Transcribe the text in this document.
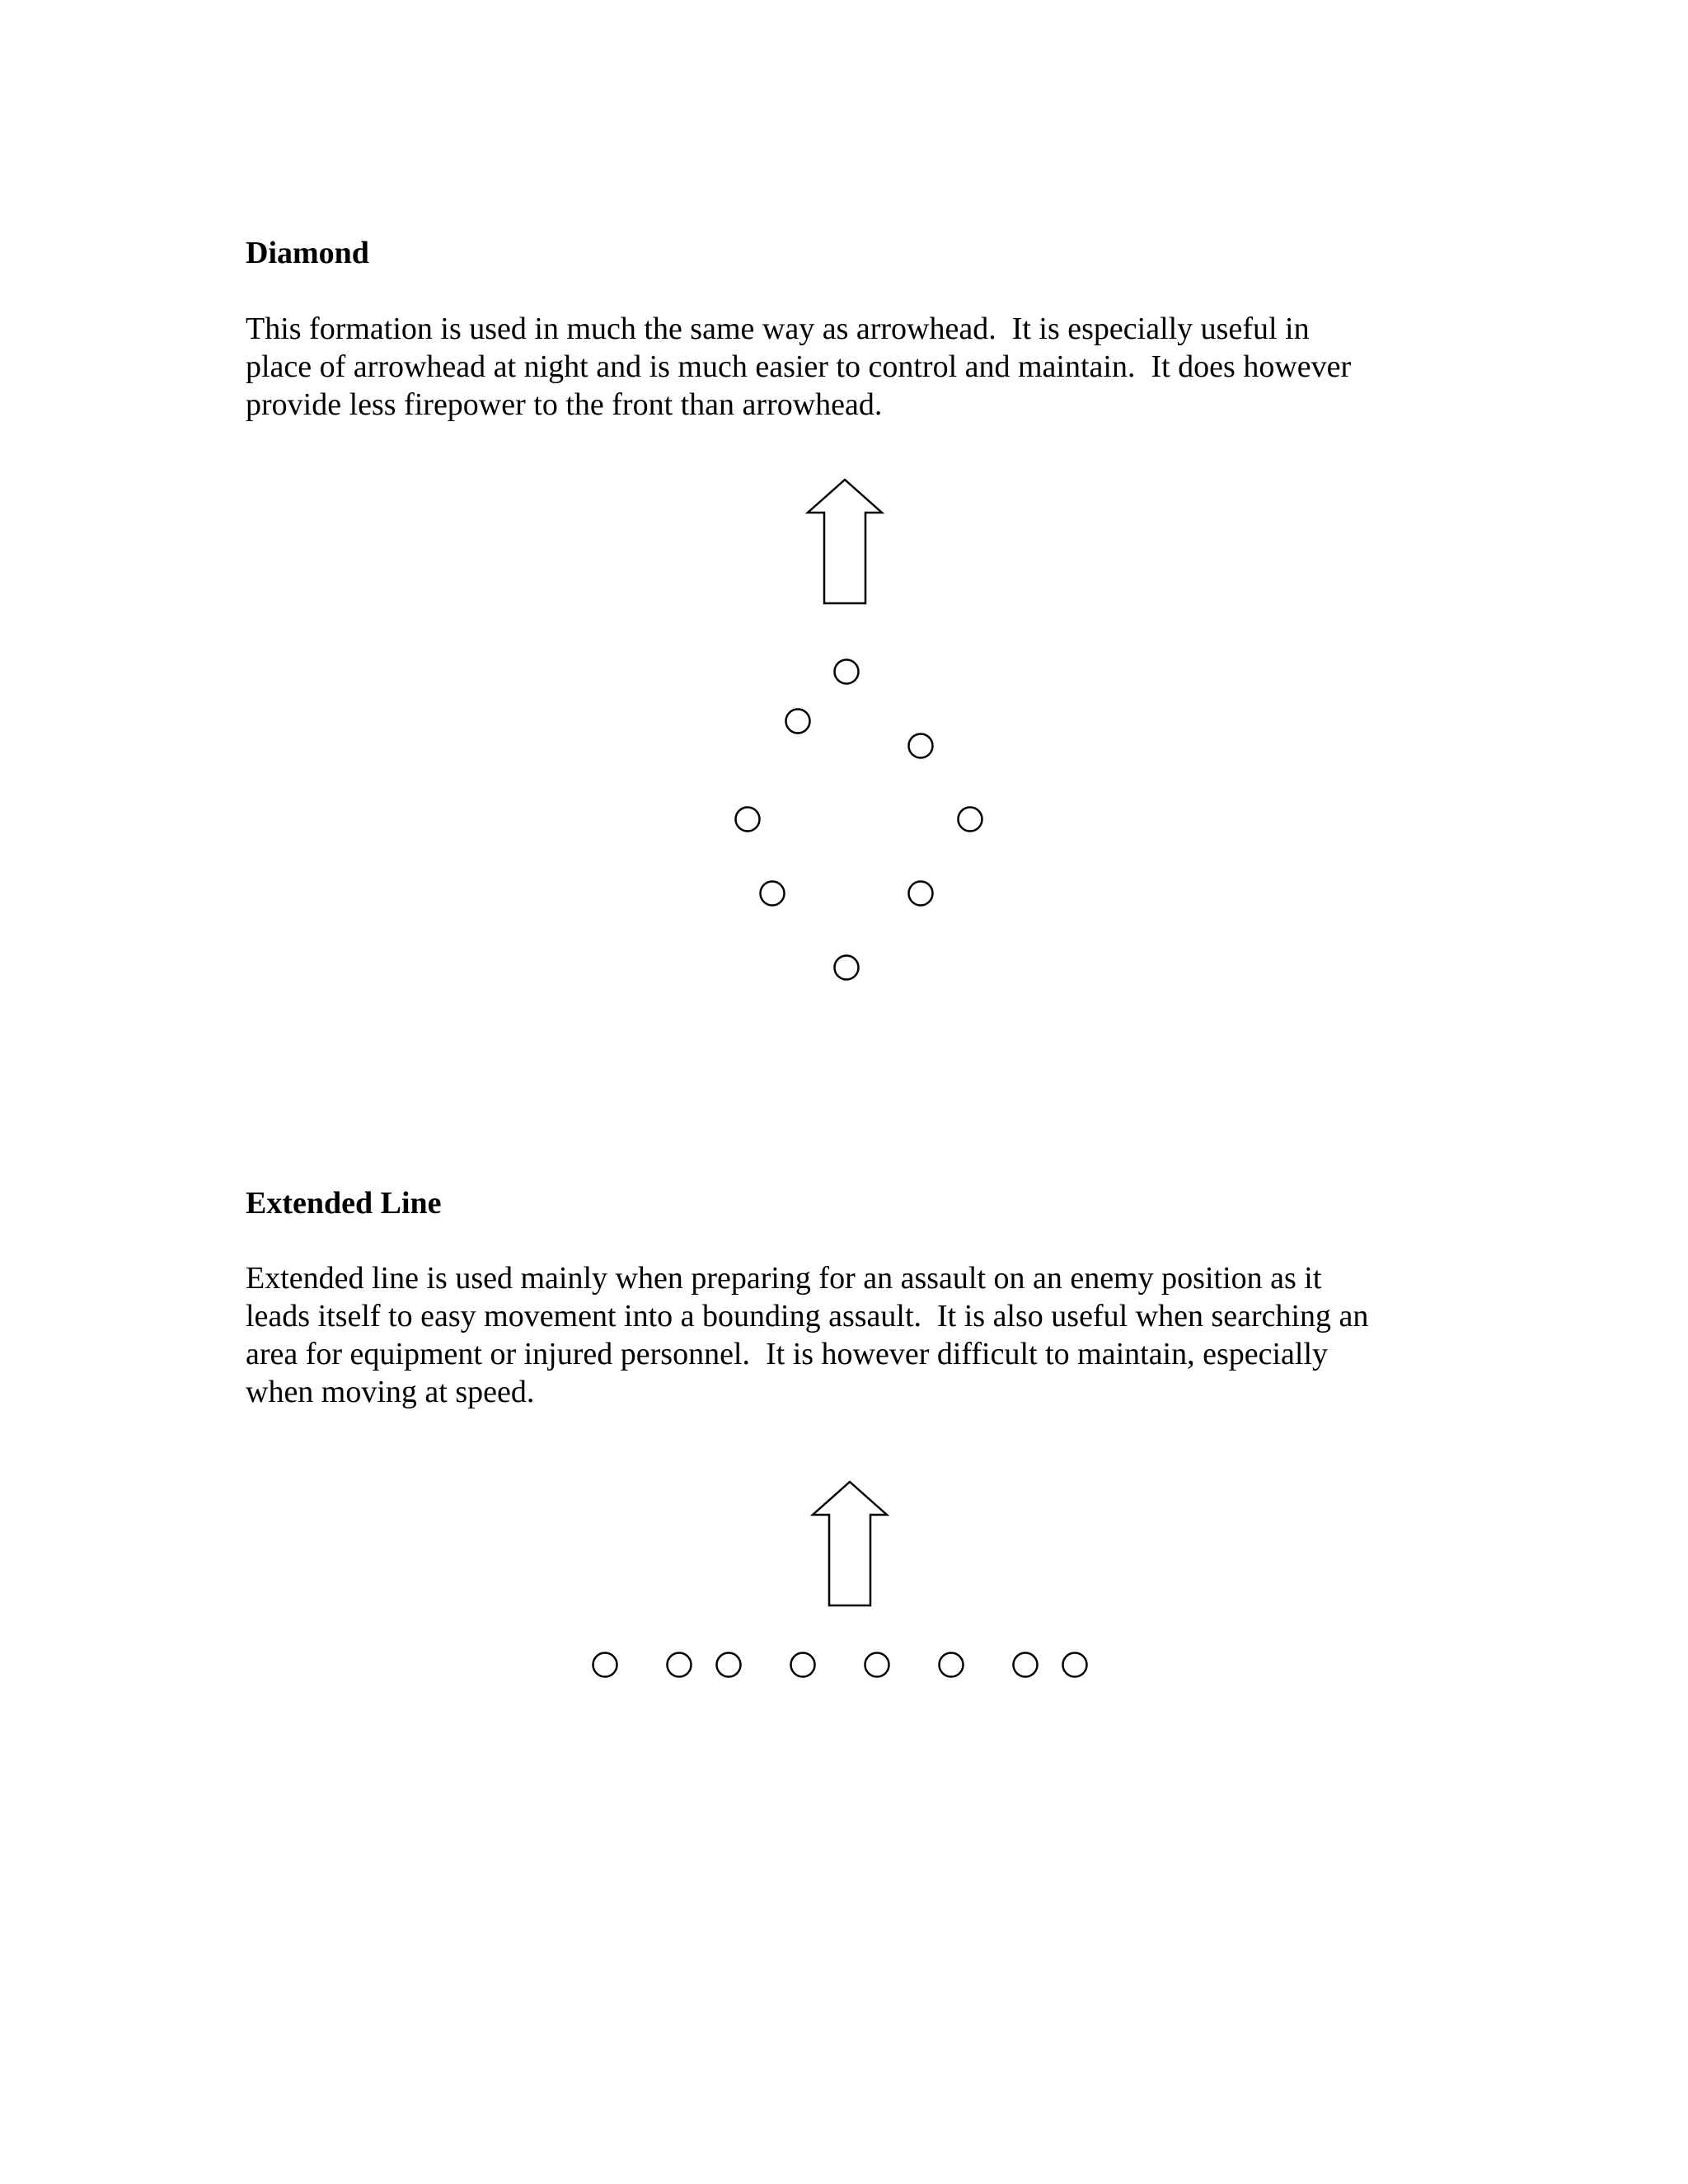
Diamond

This formation is used in much the same way as arrowhead.  It is especially useful in
place of arrowhead at night and is much easier to control and maintain.  It does however
provide less firepower to the front than arrowhead.

Extended Line

Extended line is used mainly when preparing for an assault on an enemy position as it
leads itself to easy movement into a bounding assault.  It is also useful when searching an
area for equipment or injured personnel.  It is however difficult to maintain, especially
when moving at speed.
